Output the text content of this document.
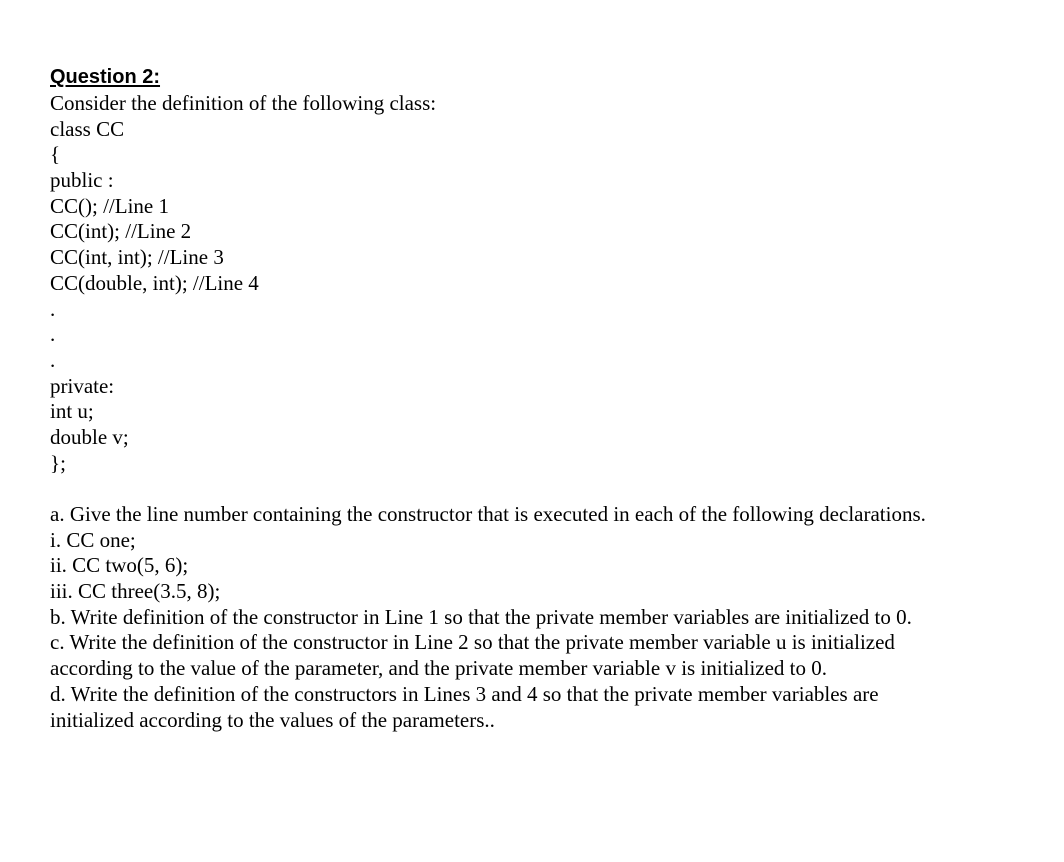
Question 2:
Consider the definition of the following class:
class CC
{
public :
CC(); //Line 1
CC(int); //Line 2
CC(int, int); //Line 3
CC(double, int); //Line 4
.
.
.
private:
int u;
double v;
};
a. Give the line number containing the constructor that is executed in each of the following declarations.
i. CC one;
ii. CC two(5, 6);
iii. CC three(3.5, 8);
b. Write definition of the constructor in Line 1 so that the private member variables are initialized to 0.
c. Write the definition of the constructor in Line 2 so that the private member variable u is initialized
according to the value of the parameter, and the private member variable v is initialized to 0.
d. Write the definition of the constructors in Lines 3 and 4 so that the private member variables are
initialized according to the values of the parameters..
